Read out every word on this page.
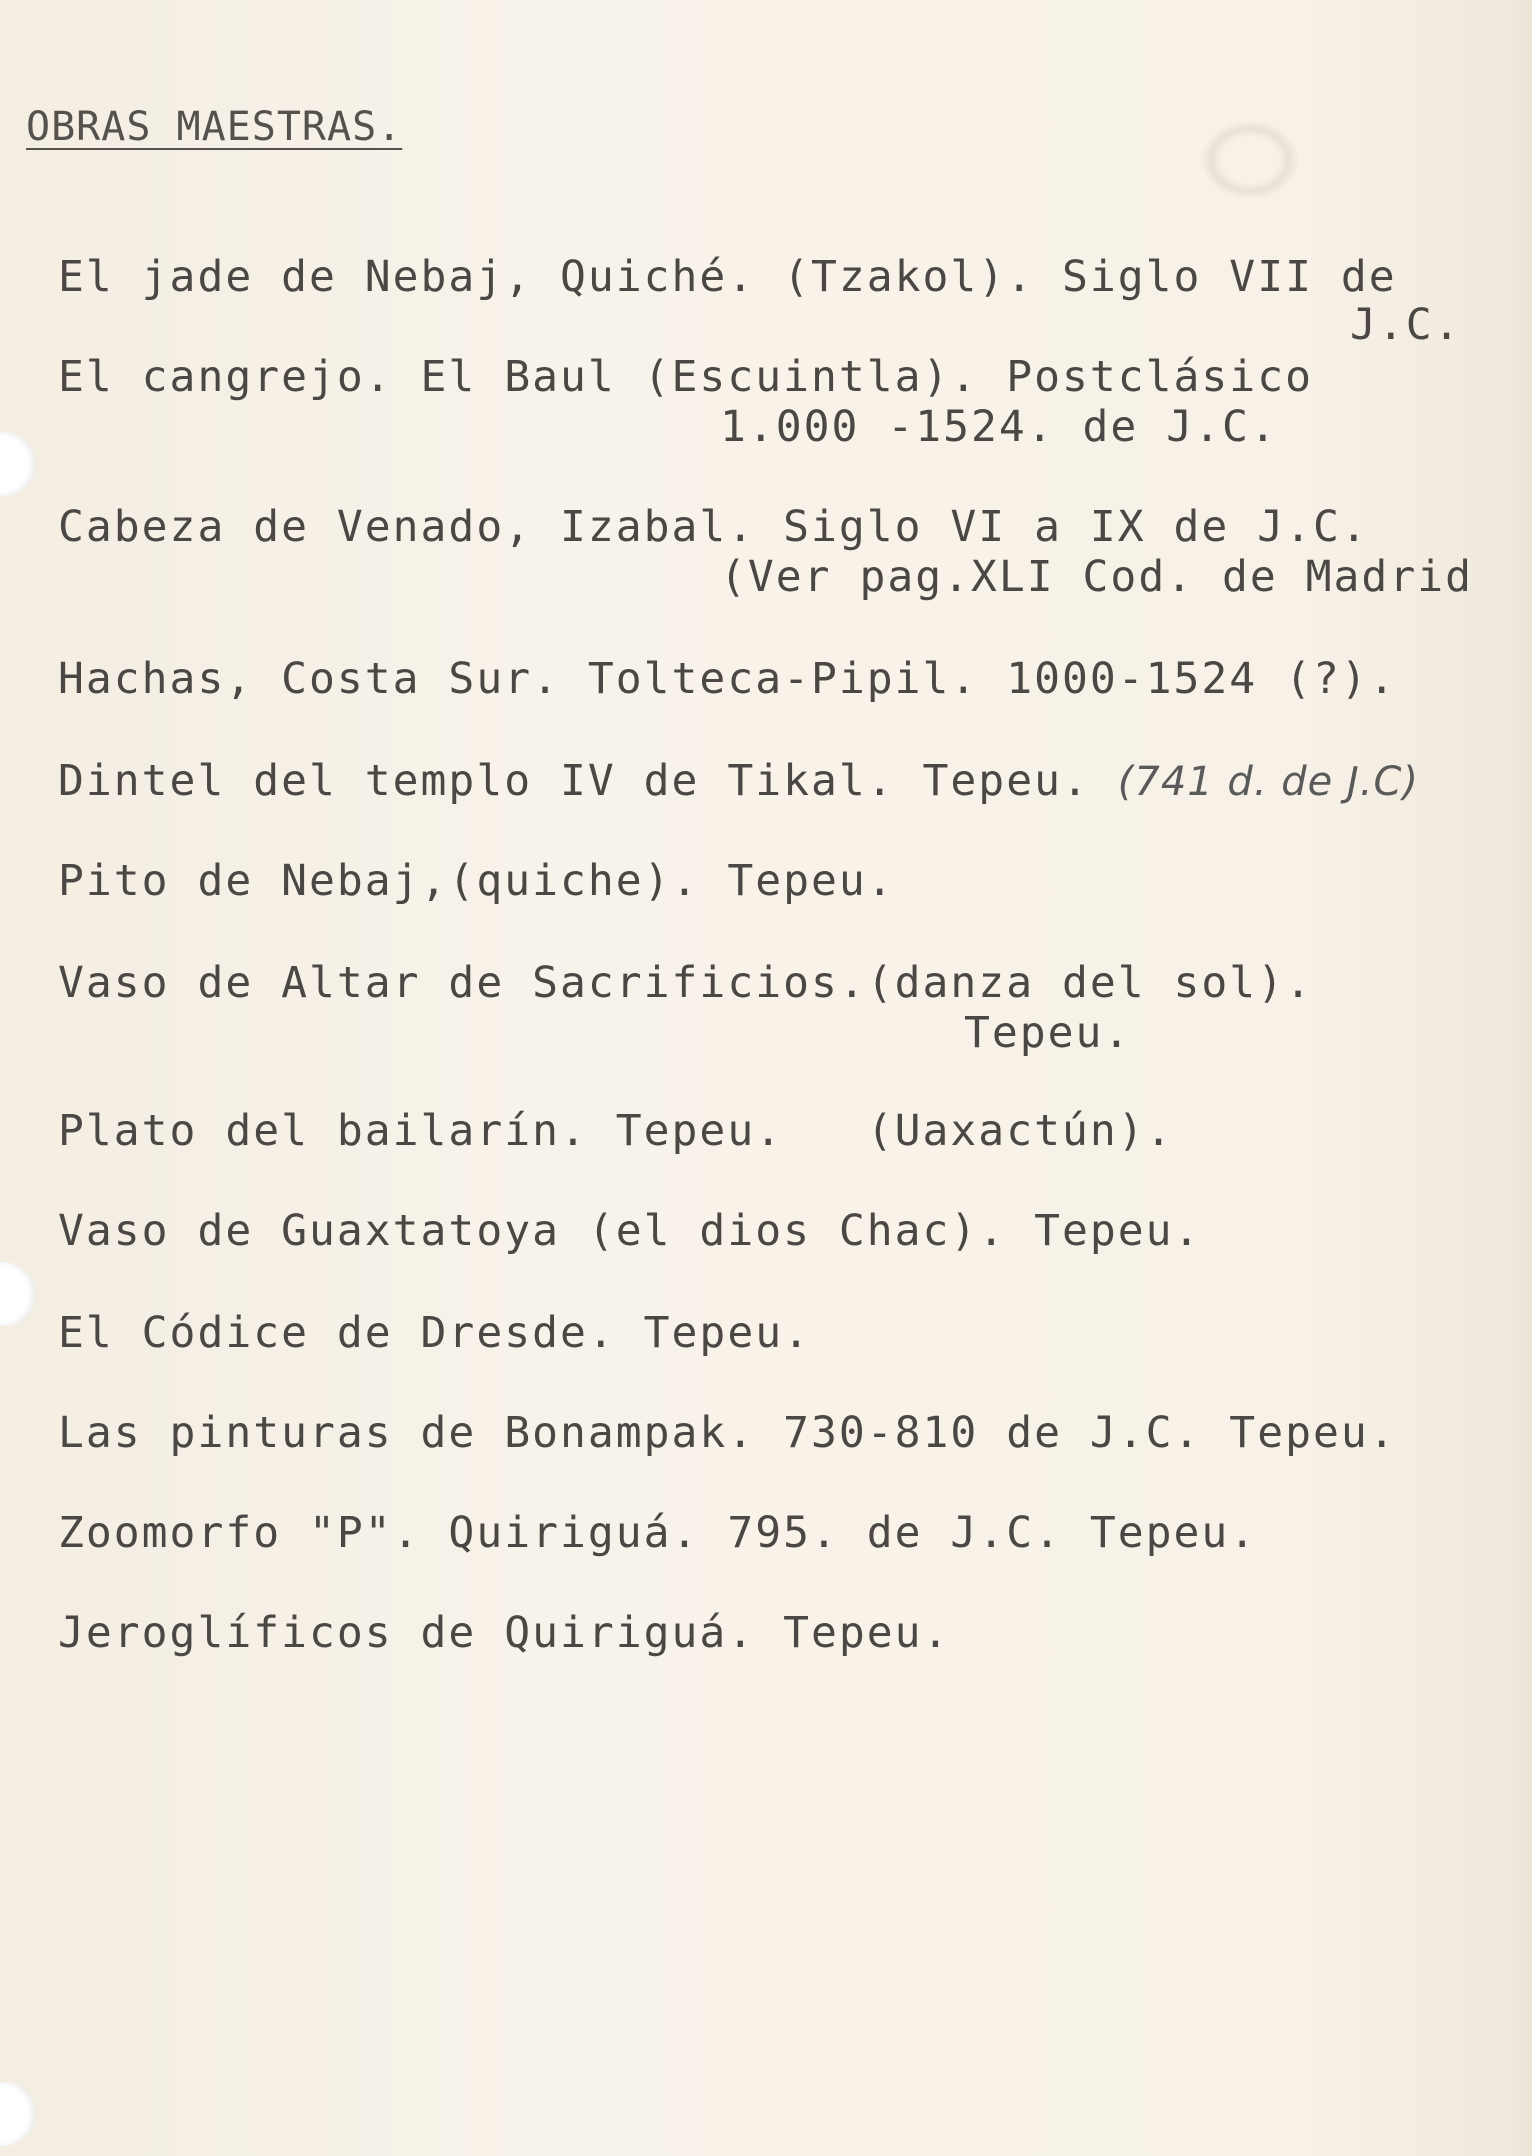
OBRAS MAESTRAS.
El jade de Nebaj, Quiché. (Tzakol). Siglo VII de
J.C.
El cangrejo. El Baul (Escuintla). Postclásico
1.000 -1524. de J.C.
Cabeza de Venado, Izabal. Siglo VI a IX de J.C.
(Ver pag.XLI Cod. de Madrid
Hachas, Costa Sur. Tolteca-Pipil. 1000-1524 (?).
Dintel del templo IV de Tikal. Tepeu. (741 d. de J.C)
Pito de Nebaj,(quiche). Tepeu.
Vaso de Altar de Sacrificios.(danza del sol).
Tepeu.
Plato del bailarín. Tepeu.   (Uaxactún).
Vaso de Guaxtatoya (el dios Chac). Tepeu.
El Códice de Dresde. Tepeu.
Las pinturas de Bonampak. 730-810 de J.C. Tepeu.
Zoomorfo "P". Quiriguá. 795. de J.C. Tepeu.
Jeroglíficos de Quiriguá. Tepeu.
